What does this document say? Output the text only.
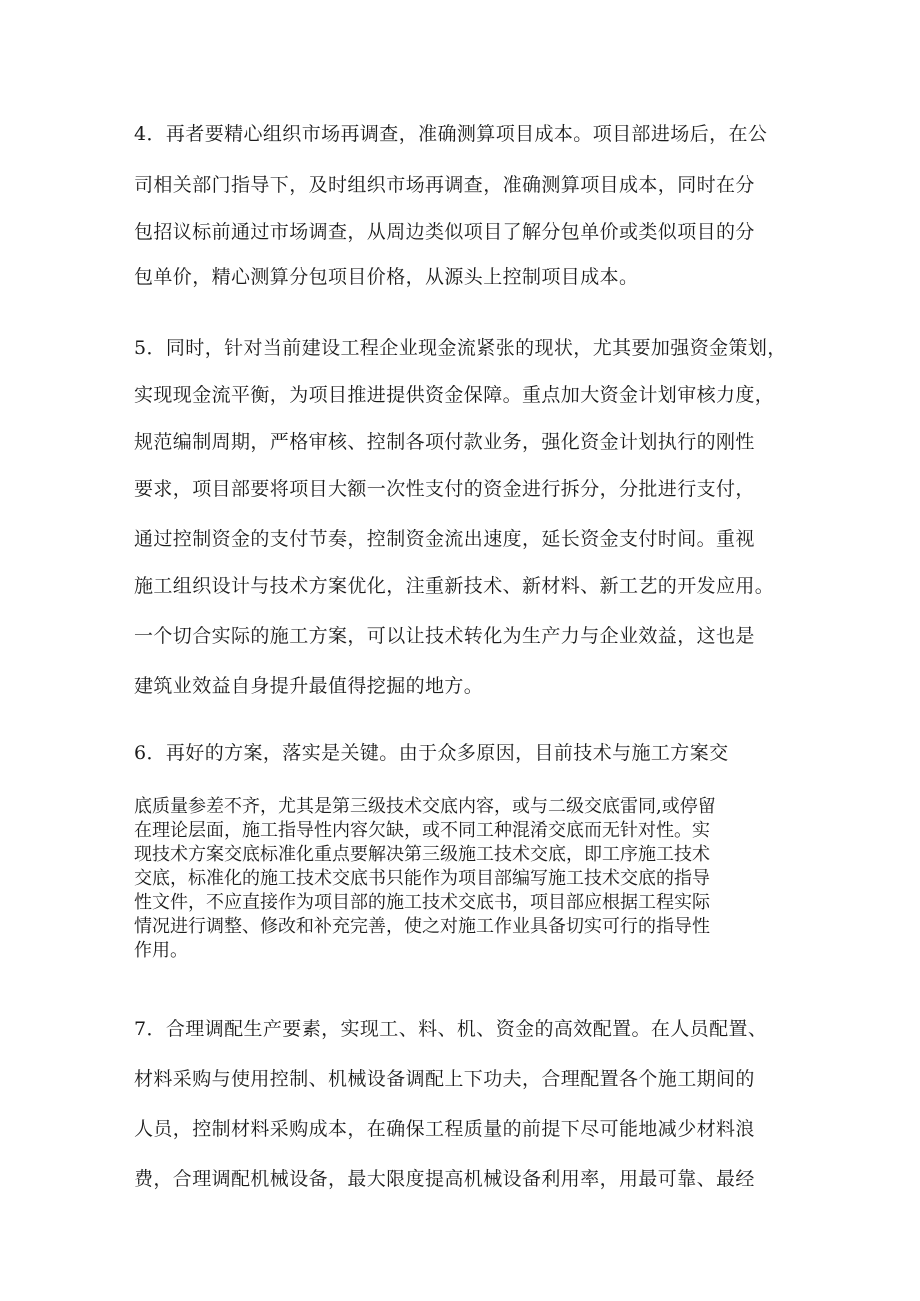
4．再者要精心组织市场再调查，准确测算项目成本。项目部进场后，在公
司相关部门指导下，及时组织市场再调查，准确测算项目成本，同时在分
包招议标前通过市场调查，从周边类似项目了解分包单价或类似项目的分
包单价，精心测算分包项目价格，从源头上控制项目成本。
5．同时，针对当前建设工程企业现金流紧张的现状，尤其要加强资金策划，
实现现金流平衡，为项目推进提供资金保障。重点加大资金计划审核力度，
规范编制周期，严格审核、控制各项付款业务，强化资金计划执行的刚性
要求，项目部要将项目大额一次性支付的资金进行拆分，分批进行支付，
通过控制资金的支付节奏，控制资金流出速度，延长资金支付时间。重视
施工组织设计与技术方案优化，注重新技术、新材料、新工艺的开发应用。
一个切合实际的施工方案，可以让技术转化为生产力与企业效益，这也是
建筑业效益自身提升最值得挖掘的地方。
6．再好的方案，落实是关键。由于众多原因，目前技术与施工方案交
底质量参差不齐，尤其是第三级技术交底内容，或与二级交底雷同,或停留
在理论层面，施工指导性内容欠缺，或不同工种混淆交底而无针对性。实
现技术方案交底标准化重点要解决第三级施工技术交底，即工序施工技术
交底，标准化的施工技术交底书只能作为项目部编写施工技术交底的指导
性文件，不应直接作为项目部的施工技术交底书，项目部应根据工程实际
情况进行调整、修改和补充完善，使之对施工作业具备切实可行的指导性
作用。
7．合理调配生产要素，实现工、料、机、资金的高效配置。在人员配置、
材料采购与使用控制、机械设备调配上下功夫，合理配置各个施工期间的
人员，控制材料采购成本，在确保工程质量的前提下尽可能地减少材料浪
费，合理调配机械设备，最大限度提高机械设备利用率，用最可靠、最经
